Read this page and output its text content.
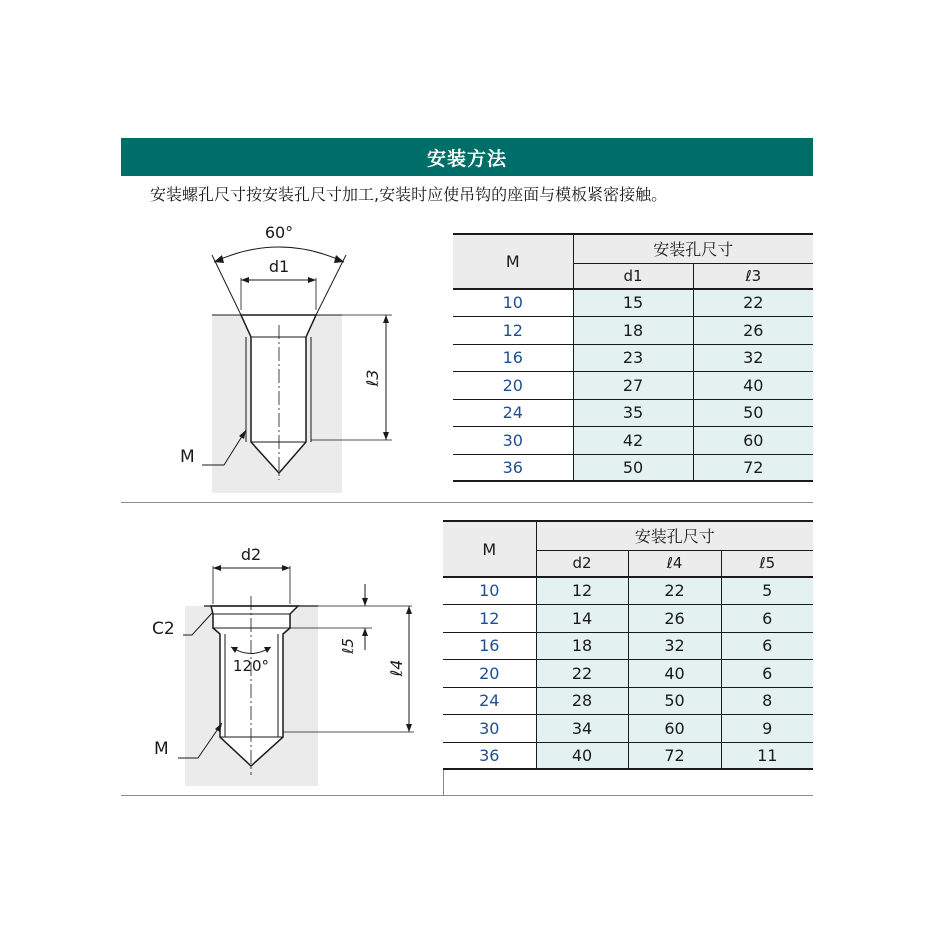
安装方法
安装螺孔尺寸按安装孔尺寸加工,安装时应使吊钩的座面与模板紧密接触。
60°
d1
ℓ3
M
120°
d2
C2
ℓ5
ℓ4
M
M	安装孔尺寸	
	d1	ℓ3
10	15	22
12	18	26
16	23	32
20	27	40
24	35	50
30	42	60
36	50	72
M	安装孔尺寸		
	d2	ℓ4	ℓ5
10	12	22	5
12	14	26	6
16	18	32	6
20	22	40	6
24	28	50	8
30	34	60	9
36	40	72	11
